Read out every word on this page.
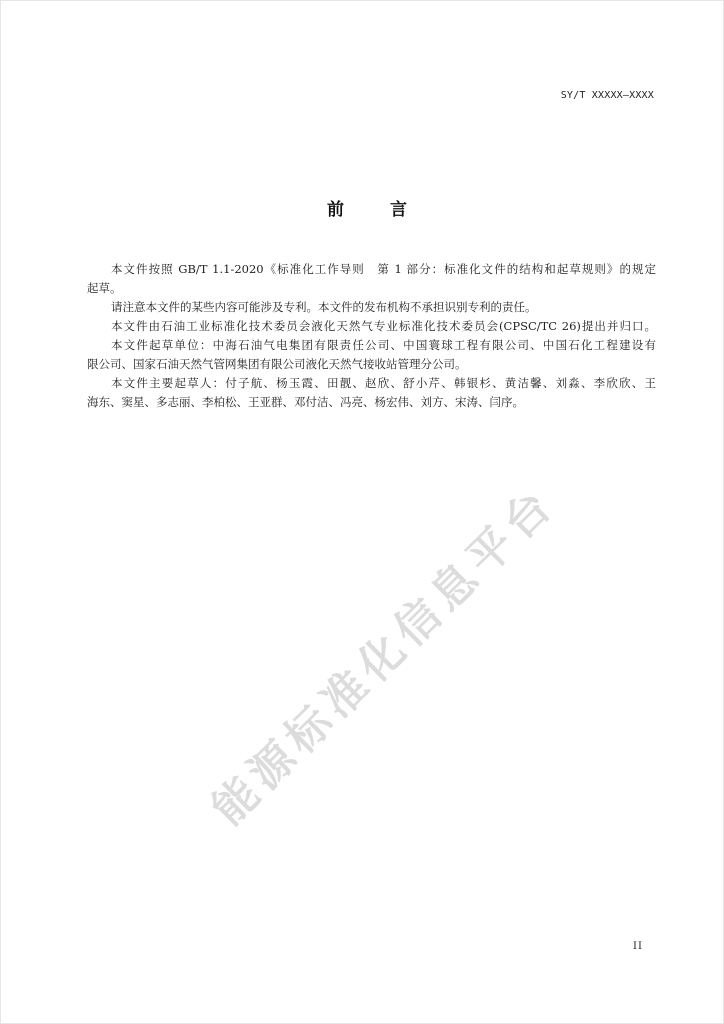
SY/T XXXXX—XXXX
前　　言
本文件按照 GB/T 1.1-2020《标准化工作导则　第 1 部分：标准化文件的结构和起草规则》的规定
起草。
请注意本文件的某些内容可能涉及专利。本文件的发布机构不承担识别专利的责任。
本文件由石油工业标准化技术委员会液化天然气专业标准化技术委员会(CPSC/TC 26)提出并归口。
本文件起草单位：中海石油气电集团有限责任公司、中国寰球工程有限公司、中国石化工程建设有
限公司、国家石油天然气管网集团有限公司液化天然气接收站管理分公司。
本文件主要起草人：付子航、杨玉霞、田靓、赵欣、舒小芹、韩银杉、黄洁馨、刘淼、李欣欣、王
海东、窦星、多志丽、李柏松、王亚群、邓付洁、冯亮、杨宏伟、刘方、宋涛、闫序。
能源标准化信息平台
II
